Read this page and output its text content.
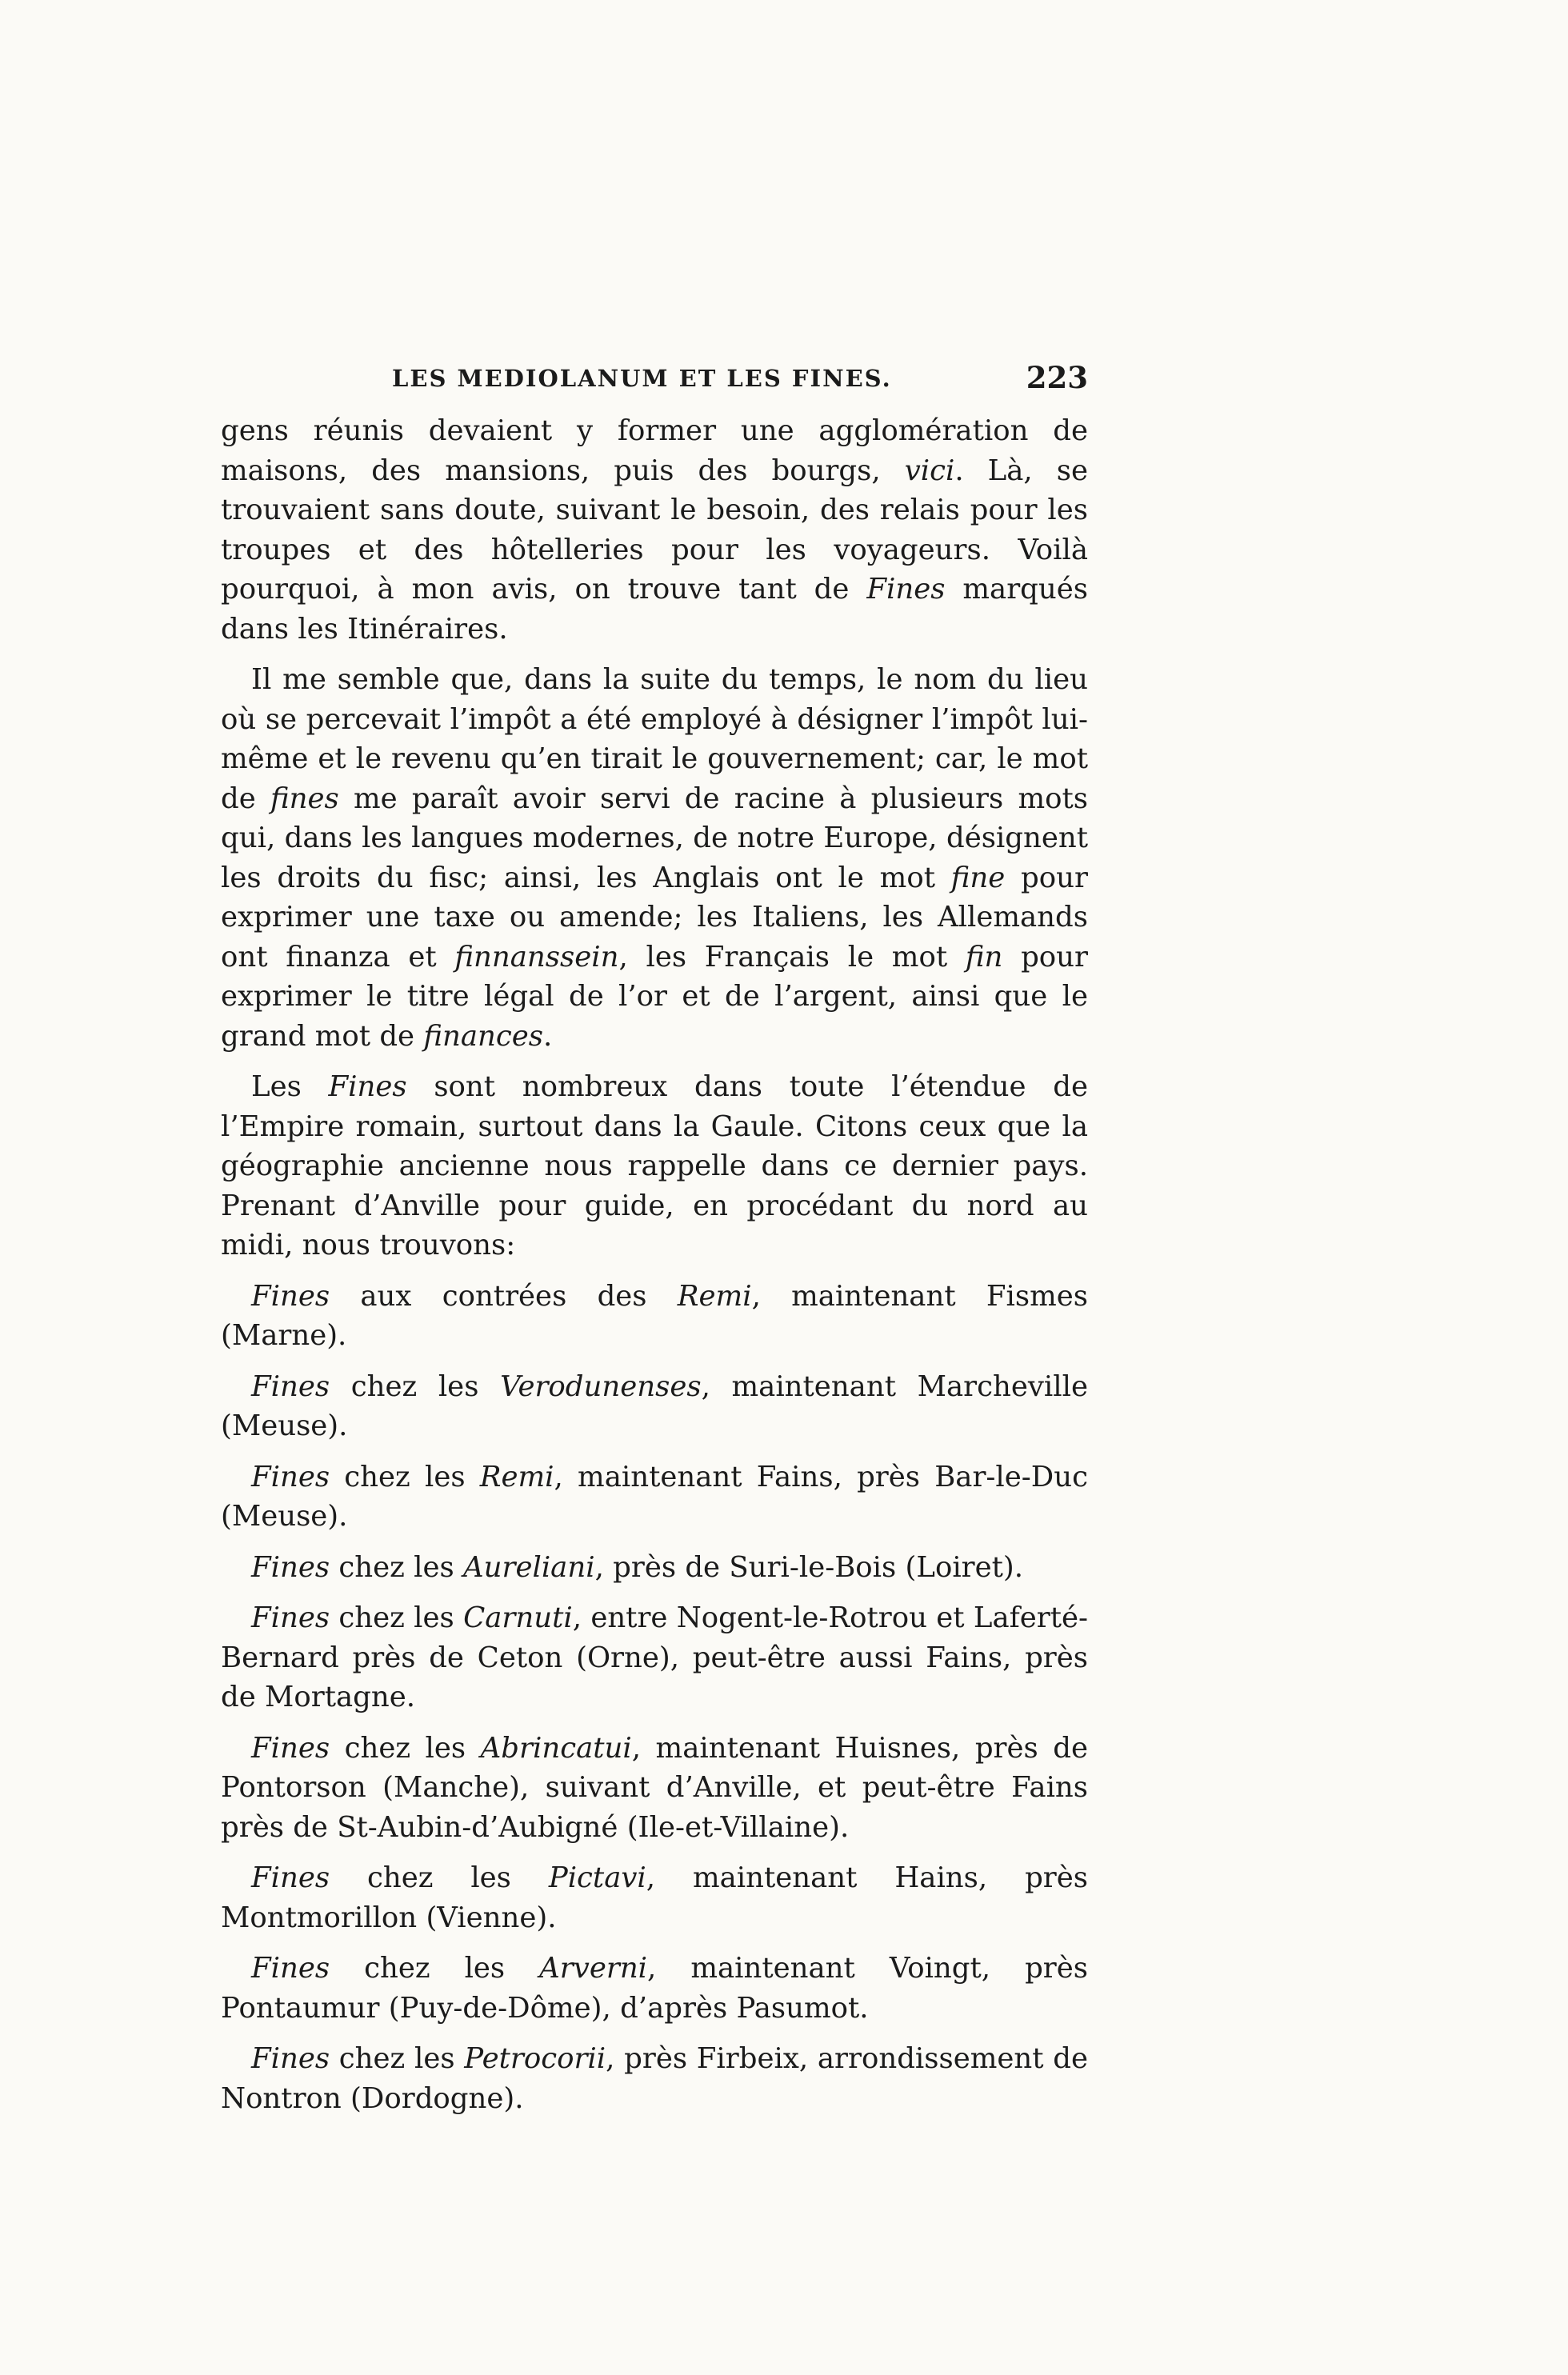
LES MEDIOLANUM ET LES FINES.	223

gens réunis devaient y former une agglomération de maisons, des mansions, puis des bourgs, vici. Là, se trouvaient sans doute, suivant le besoin, des relais pour les troupes et des hôtelleries pour les voyageurs. Voilà pourquoi, à mon avis, on trouve tant de Fines marqués dans les Itinéraires.

Il me semble que, dans la suite du temps, le nom du lieu où se percevait l’impôt a été employé à désigner l’impôt lui-même et le revenu qu’en tirait le gouvernement; car, le mot de fines me paraît avoir servi de racine à plusieurs mots qui, dans les langues modernes, de notre Europe, désignent les droits du fisc; ainsi, les Anglais ont le mot fine pour exprimer une taxe ou amende; les Italiens, les Allemands ont finanza et finnanssein, les Français le mot fin pour exprimer le titre légal de l’or et de l’argent, ainsi que le grand mot de finances.

Les Fines sont nombreux dans toute l’étendue de l’Empire romain, surtout dans la Gaule. Citons ceux que la géographie ancienne nous rappelle dans ce dernier pays. Prenant d’Anville pour guide, en procédant du nord au midi, nous trouvons:

Fines aux contrées des Remi, maintenant Fismes (Marne).

Fines chez les Verodunenses, maintenant Marcheville (Meuse).

Fines chez les Remi, maintenant Fains, près Bar-le-Duc (Meuse).

Fines chez les Aureliani, près de Suri-le-Bois (Loiret).

Fines chez les Carnuti, entre Nogent-le-Rotrou et Laferté-Bernard près de Ceton (Orne), peut-être aussi Fains, près de Mortagne.

Fines chez les Abrincatui, maintenant Huisnes, près de Pontorson (Manche), suivant d’Anville, et peut-être Fains près de St-Aubin-d’Aubigné (Ile-et-Villaine).

Fines chez les Pictavi, maintenant Hains, près Montmorillon (Vienne).

Fines chez les Arverni, maintenant Voingt, près Pontaumur (Puy-de-Dôme), d’après Pasumot.

Fines chez les Petrocorii, près Firbeix, arrondissement de Nontron (Dordogne).
